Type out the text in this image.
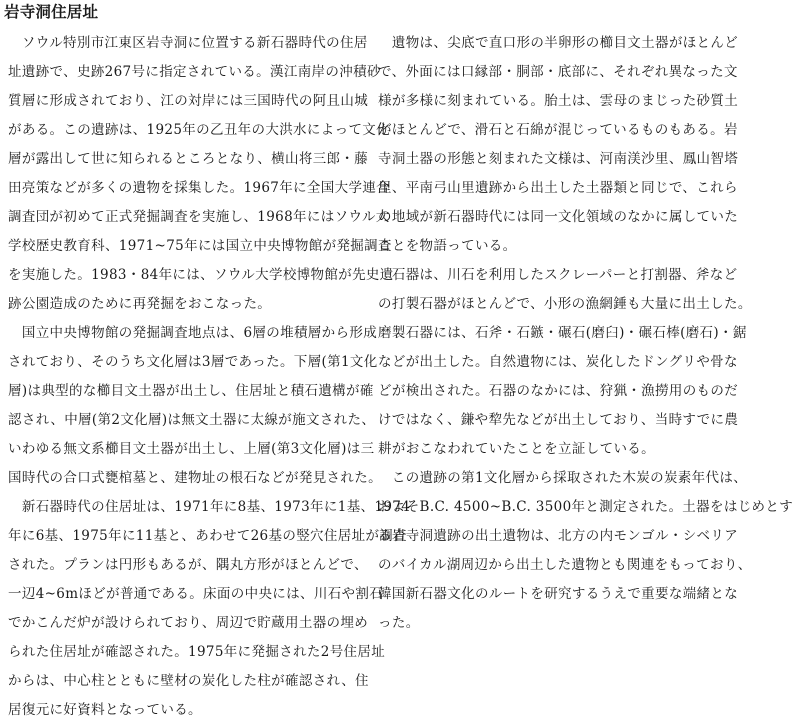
岩寺洞住居址
　ソウル特別市江東区岩寺洞に位置する新石器時代の住居
址遺跡で、史跡267号に指定されている。漢江南岸の沖積砂
質層に形成されており、江の対岸には三国時代の阿且山城
がある。この遺跡は、1925年の乙丑年の大洪水によって文化
層が露出して世に知られるところとなり、横山将三郎・藤
田亮策などが多くの遺物を採集した。1967年に全国大学連合
調査団が初めて正式発掘調査を実施し、1968年にはソウル大
学校歴史教育科、1971~75年には国立中央博物館が発掘調査
を実施した。1983・84年には、ソウル大学校博物館が先史遺
跡公園造成のために再発掘をおこなった。
　国立中央博物館の発掘調査地点は、6層の堆積層から形成
されており、そのうち文化層は3層であった。下層(第1文化
層)は典型的な櫛目文土器が出土し、住居址と積石遺構が確
認され、中層(第2文化層)は無文土器に太線が施文された、
いわゆる無文系櫛目文土器が出土し、上層(第3文化層)は三
国時代の合口式甕棺墓と、建物址の根石などが発見された。
　新石器時代の住居址は、1971年に8基、1973年に1基、1974
年に6基、1975年に11基と、あわせて26基の竪穴住居址が調査
された。プランは円形もあるが、隅丸方形がほとんどで、
一辺4~6mほどが普通である。床面の中央には、川石や割石
でかこんだ炉が設けられており、周辺で貯蔵用土器の埋め
られた住居址が確認された。1975年に発掘された2号住居址
からは、中心柱とともに壁材の炭化した柱が確認され、住
居復元に好資料となっている。
　遺物は、尖底で直口形の半卵形の櫛目文土器がほとんど
で、外面には口縁部・胴部・底部に、それぞれ異なった文
様が多様に刻まれている。胎土は、雲母のまじった砂質土
がほとんどで、滑石と石綿が混じっているものもある。岩
寺洞土器の形態と刻まれた文様は、河南渼沙里、鳳山智塔
里、平南弓山里遺跡から出土した土器類と同じで、これら
の地域が新石器時代には同一文化領域のなかに属していた
ことを物語っている。
　石器は、川石を利用したスクレーパーと打割器、斧など
の打製石器がほとんどで、小形の漁網錘も大量に出土した。
磨製石器には、石斧・石鏃・碾石(磨臼)・碾石棒(磨石)・鋸
などが出土した。自然遺物には、炭化したドングリや骨な
どが検出された。石器のなかには、狩猟・漁撈用のものだ
けではなく、鎌や犂先などが出土しており、当時すでに農
耕がおこなわれていたことを立証している。
　この遺跡の第1文化層から採取された木炭の炭素年代は、
およそB.C. 4500~B.C. 3500年と測定された。土器をはじめとす
る岩寺洞遺跡の出土遺物は、北方の内モンゴル・シベリア
のバイカル湖周辺から出土した遺物とも関連をもっており、
韓国新石器文化のルートを研究するうえで重要な端緒とな
った。
